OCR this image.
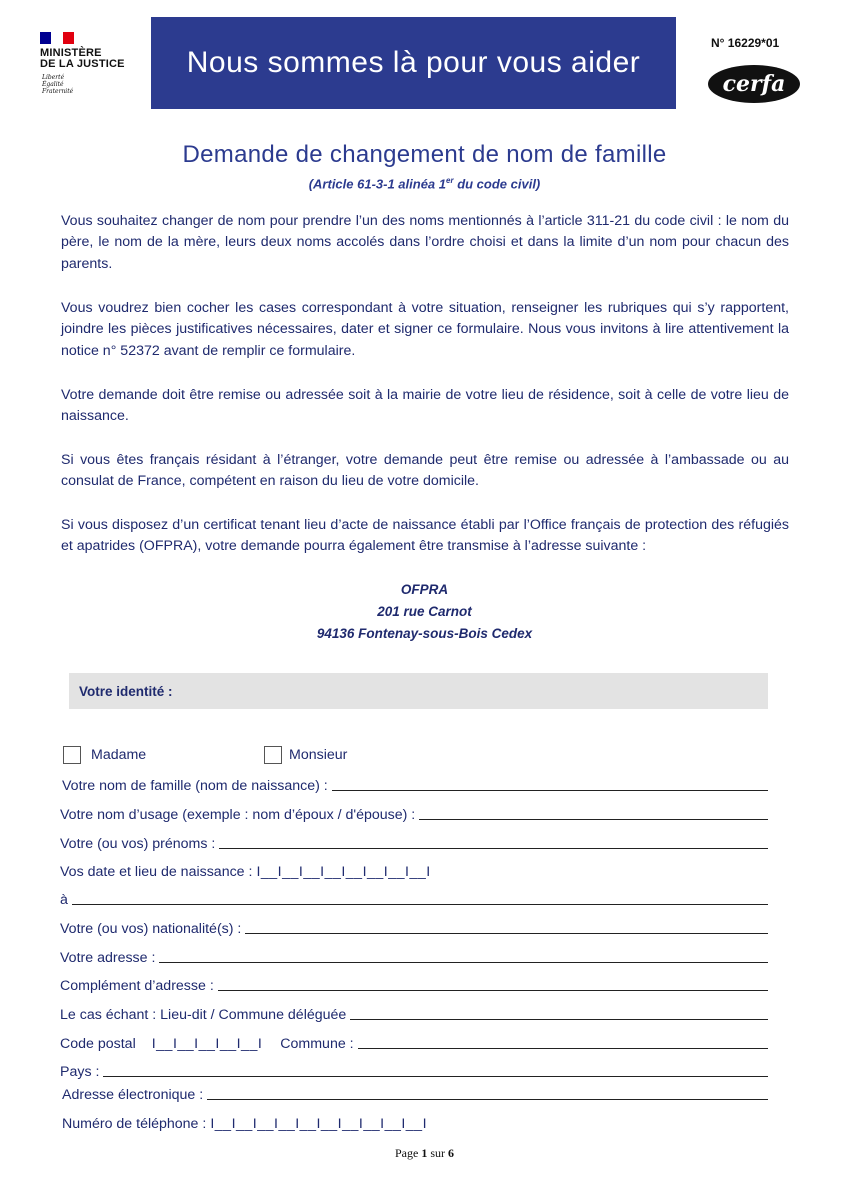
MINISTÈRE
DE LA JUSTICE
Liberté
Égalité
Fraternité
Nous sommes là pour vous aider
N° 16229*01
cerfa
Demande de changement de nom de famille
(Article 61-3-1 alinéa 1er du code civil)
Vous souhaitez changer de nom pour prendre l’un des noms mentionnés à l’article 311-21 du code civil : le nom du père, le nom de la mère, leurs deux noms accolés dans l’ordre choisi et dans la limite d’un nom pour chacun des parents.
Vous voudrez bien cocher les cases correspondant à votre situation, renseigner les rubriques qui s’y rapportent, joindre les pièces justificatives nécessaires, dater et signer ce formulaire. Nous vous invitons à lire attentivement la notice n° 52372 avant de remplir ce formulaire.
Votre demande doit être remise ou adressée soit à la mairie de votre lieu de résidence, soit à celle de votre lieu de naissance.
Si vous êtes français résidant à l’étranger, votre demande peut être remise ou adressée à l’ambassade ou au consulat de France, compétent en raison du lieu de votre domicile.
Si vous disposez d’un certificat tenant lieu d’acte de naissance établi par l’Office français de protection des réfugiés et apatrides (OFPRA), votre demande pourra également être transmise à l’adresse suivante :
OFPRA
201 rue Carnot
94136 Fontenay-sous-Bois Cedex
Votre identité :
Madame	Monsieur
Votre nom de famille (nom de naissance) :
Votre nom d’usage (exemple : nom d’époux / d'épouse) :
Votre (ou vos) prénoms :
Vos date et lieu de naissance : I__I__I__I__I__I__I__I__I
à
Votre (ou vos) nationalité(s) :
Votre adresse :
Complément d’adresse :
Le cas échant : Lieu-dit / Commune déléguée
Code postal	I__I__I__I__I__I	Commune :
Pays :
Adresse électronique :
Numéro de téléphone : I__I__I__I__I__I__I__I__I__I__I
Page 1 sur 6
